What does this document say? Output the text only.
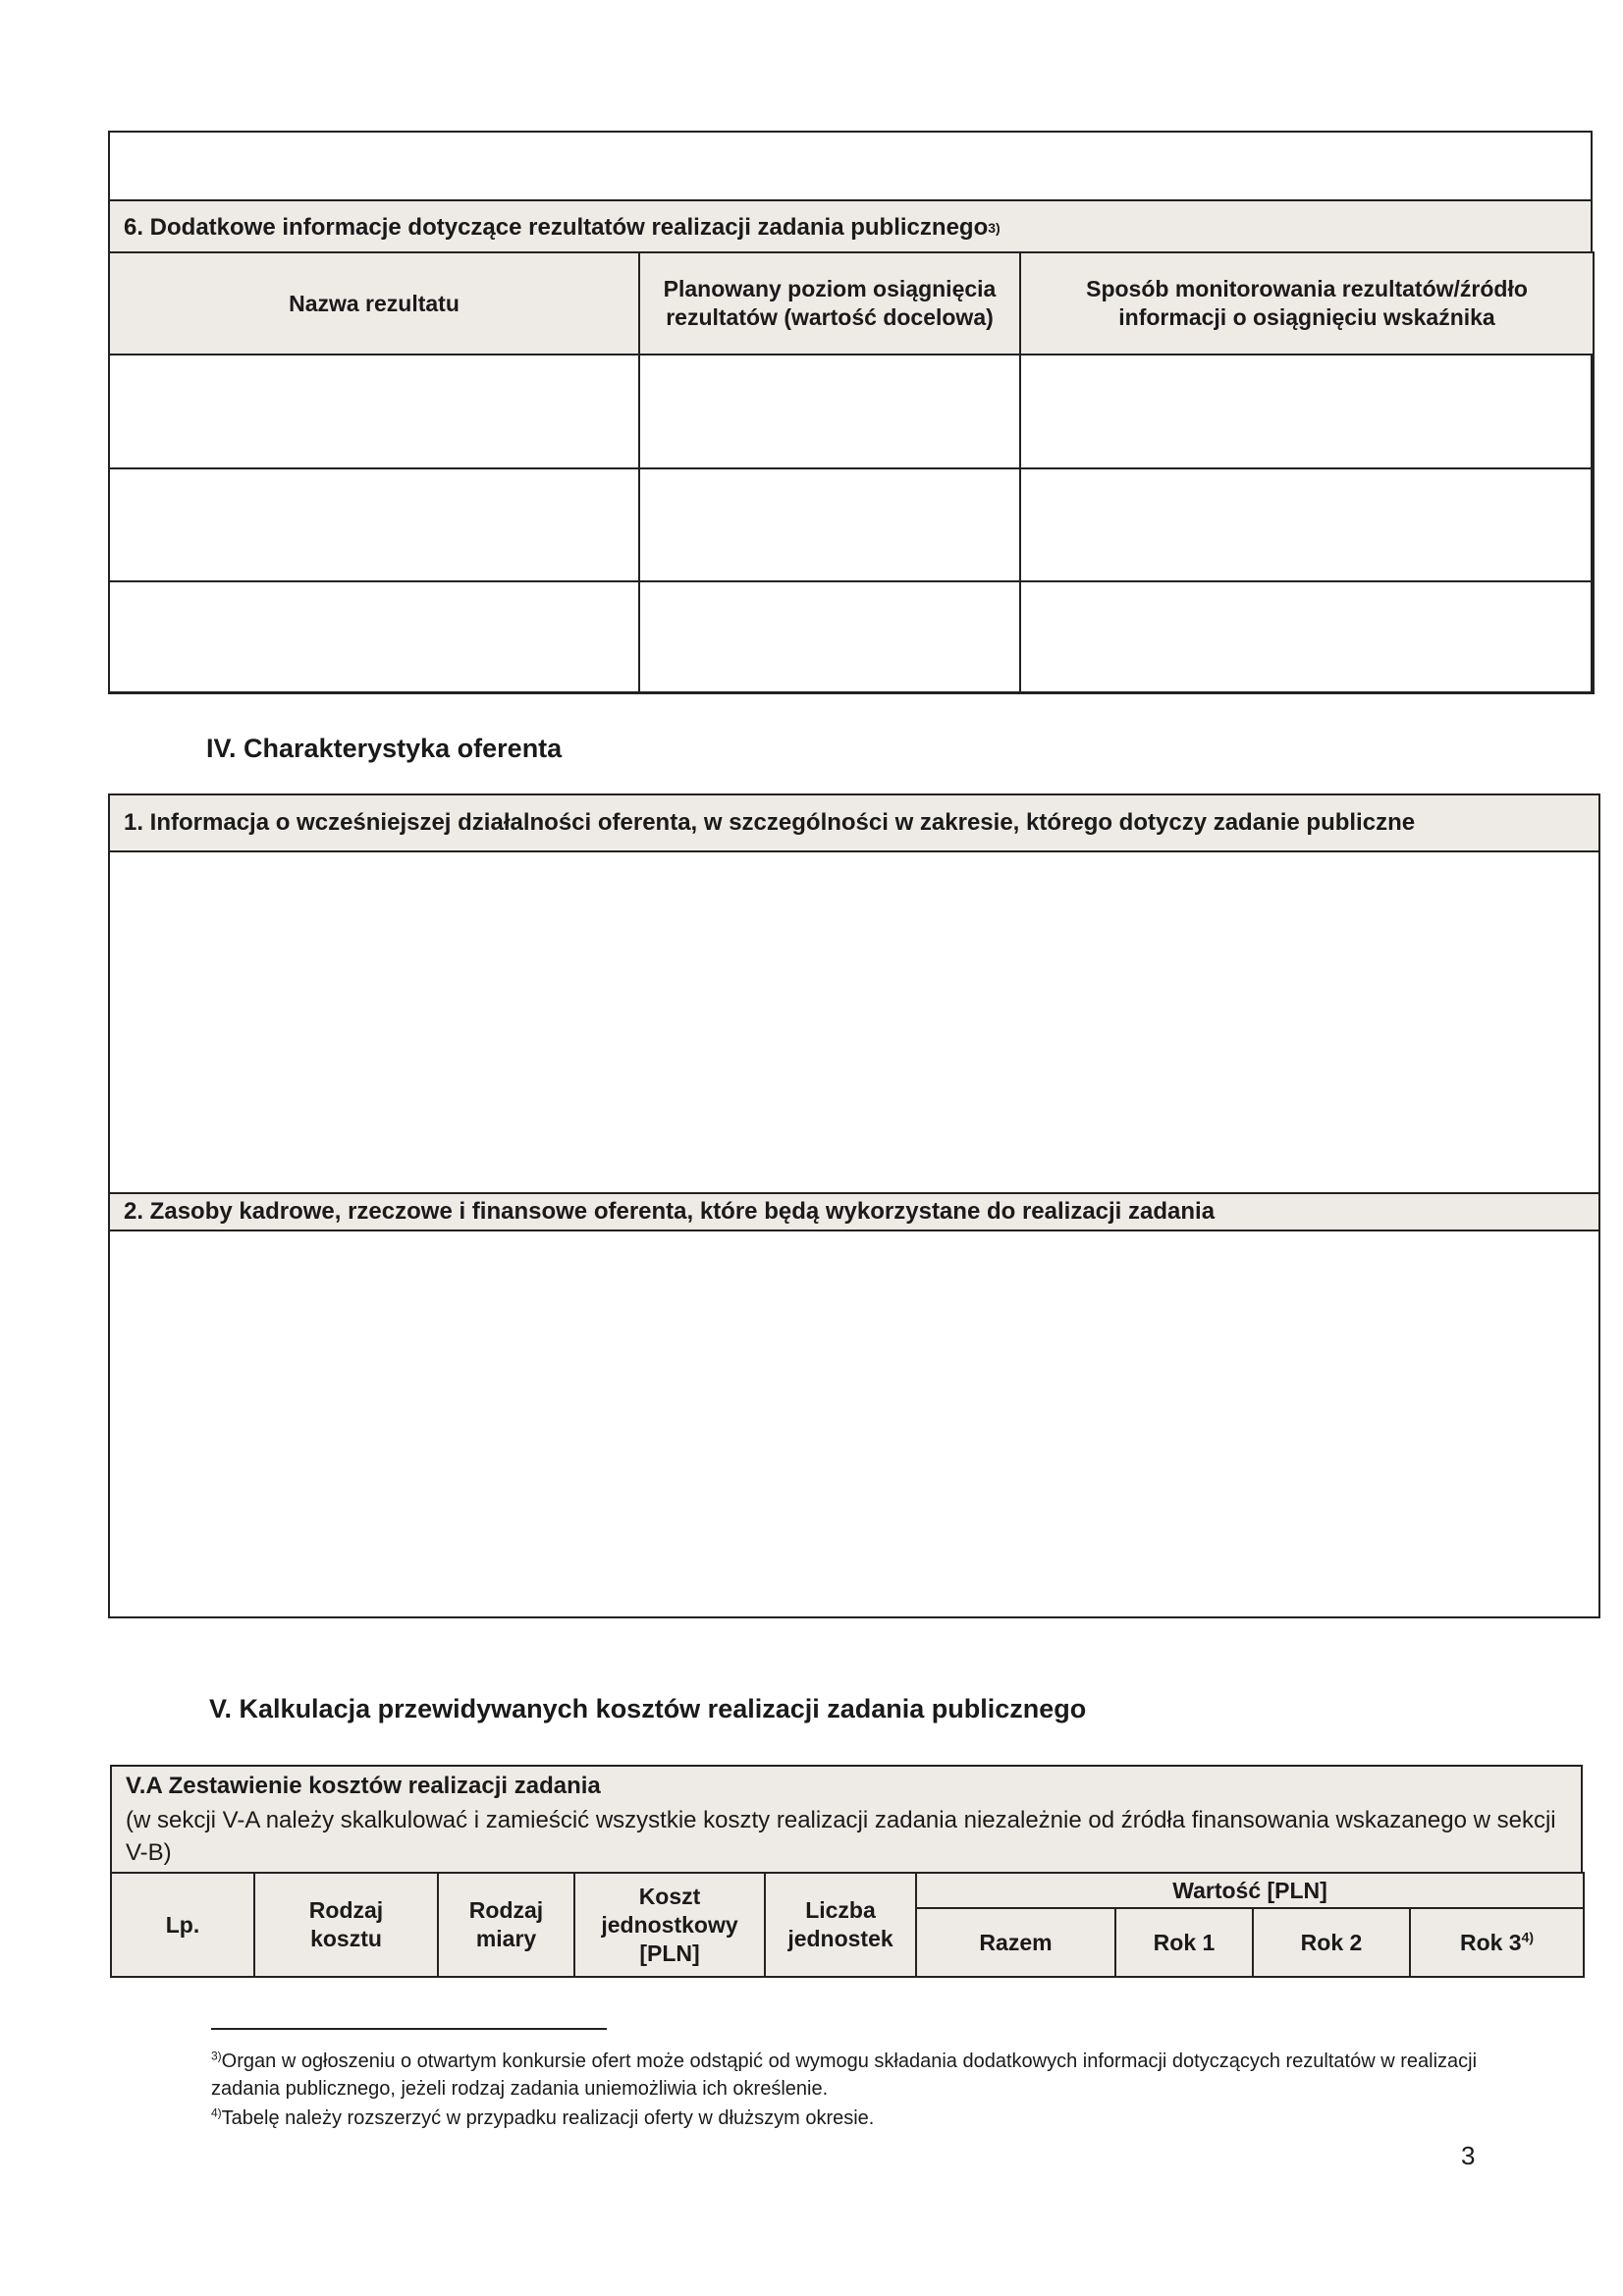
6. Dodatkowe informacje dotyczące rezultatów realizacji zadania publicznego 3)
Nazwa rezultatu	Planowany poziom osiągnięcia rezultatów (wartość docelowa)	Sposób monitorowania rezultatów/źródło informacji o osiągnięciu wskaźnika

IV. Charakterystyka oferenta
1. Informacja o wcześniejszej działalności oferenta, w szczególności w zakresie, którego dotyczy zadanie publiczne
2. Zasoby kadrowe, rzeczowe i finansowe oferenta, które będą wykorzystane do realizacji zadania
V. Kalkulacja przewidywanych kosztów realizacji zadania publicznego
V.A Zestawienie kosztów realizacji zadania
(w sekcji V-A należy skalkulować i zamieścić wszystkie koszty realizacji zadania niezależnie od źródła finansowania wskazanego w sekcji V-B)
Lp.	Rodzaj kosztu	Rodzaj miary	Koszt jednostkowy [PLN]	Liczba jednostek	Wartość [PLN]			
					Razem	Rok 1	Rok 2	Rok 3$^{4)}$
$^{3)}$Organ w ogłoszeniu o otwartym konkursie ofert może odstąpić od wymogu składania dodatkowych informacji dotyczących rezultatów w realizacji zadania publicznego, jeżeli rodzaj zadania uniemożliwia ich określenie.
$^{4)}$Tabelę należy rozszerzyć w przypadku realizacji oferty w dłuższym okresie.
3
